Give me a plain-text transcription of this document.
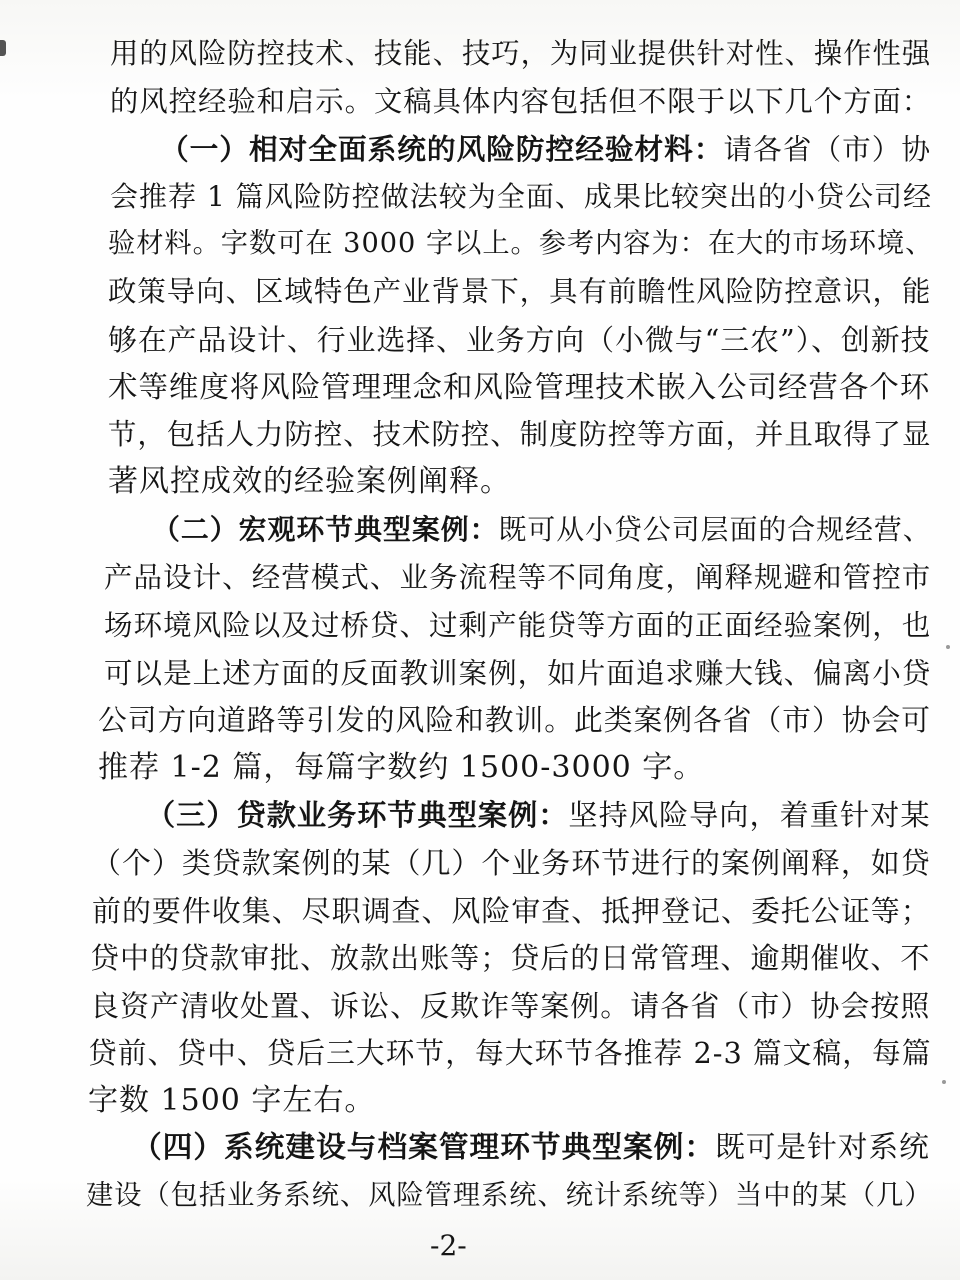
用的风险防控技术、技能、技巧，为同业提供针对性、操作性强
的风控经验和启示。文稿具体内容包括但不限于以下几个方面：
（一）相对全面系统的风险防控经验材料：请各省（市）协
会推荐 1 篇风险防控做法较为全面、成果比较突出的小贷公司经
验材料。字数可在 3000 字以上。参考内容为：在大的市场环境、
政策导向、区域特色产业背景下，具有前瞻性风险防控意识，能
够在产品设计、行业选择、业务方向（小微与“三农”）、创新技
术等维度将风险管理理念和风险管理技术嵌入公司经营各个环
节，包括人力防控、技术防控、制度防控等方面，并且取得了显
著风控成效的经验案例阐释。
（二）宏观环节典型案例：既可从小贷公司层面的合规经营、
产品设计、经营模式、业务流程等不同角度，阐释规避和管控市
场环境风险以及过桥贷、过剩产能贷等方面的正面经验案例，也
可以是上述方面的反面教训案例，如片面追求赚大钱、偏离小贷
公司方向道路等引发的风险和教训。此类案例各省（市）协会可
推荐 1-2 篇，每篇字数约 1500-3000 字。
（三）贷款业务环节典型案例：坚持风险导向，着重针对某
（个）类贷款案例的某（几）个业务环节进行的案例阐释，如贷
前的要件收集、尽职调查、风险审查、抵押登记、委托公证等；
贷中的贷款审批、放款出账等；贷后的日常管理、逾期催收、不
良资产清收处置、诉讼、反欺诈等案例。请各省（市）协会按照
贷前、贷中、贷后三大环节，每大环节各推荐 2-3 篇文稿，每篇
字数 1500 字左右。
（四）系统建设与档案管理环节典型案例：既可是针对系统
建设（包括业务系统、风险管理系统、统计系统等）当中的某（几）
-2-
